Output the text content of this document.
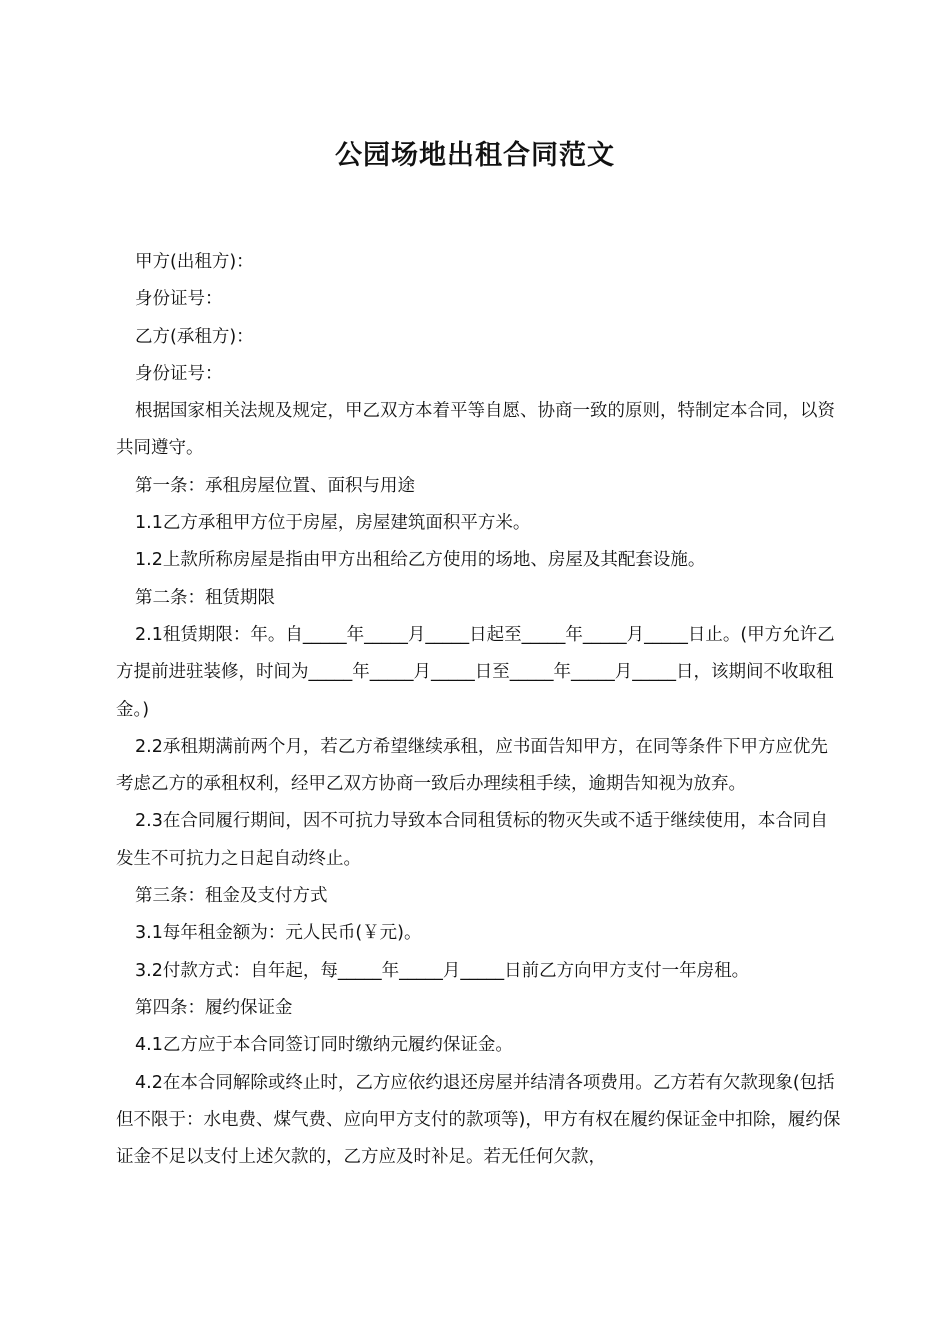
公园场地出租合同范文

甲方(出租方)：

身份证号：

乙方(承租方)：

身份证号：

根据国家相关法规及规定，甲乙双方本着平等自愿、协商一致的原则，特制定本合同，以资共同遵守。

第一条：承租房屋位置、面积与用途

1.1乙方承租甲方位于房屋，房屋建筑面积平方米。

1.2上款所称房屋是指由甲方出租给乙方使用的场地、房屋及其配套设施。

第二条：租赁期限

2.1租赁期限：年。自_____年_____月_____日起至_____年_____月_____日止。(甲方允许乙方提前进驻装修，时间为_____年_____月_____日至_____年_____月_____日，该期间不收取租金。)

2.2承租期满前两个月，若乙方希望继续承租，应书面告知甲方，在同等条件下甲方应优先考虑乙方的承租权利，经甲乙双方协商一致后办理续租手续，逾期告知视为放弃。

2.3在合同履行期间，因不可抗力导致本合同租赁标的物灭失或不适于继续使用，本合同自发生不可抗力之日起自动终止。

第三条：租金及支付方式

3.1每年租金额为：元人民币(￥元)。

3.2付款方式：自年起，每_____年_____月_____日前乙方向甲方支付一年房租。

第四条：履约保证金

4.1乙方应于本合同签订同时缴纳元履约保证金。

4.2在本合同解除或终止时，乙方应依约退还房屋并结清各项费用。乙方若有欠款现象(包括但不限于：水电费、煤气费、应向甲方支付的款项等)，甲方有权在履约保证金中扣除，履约保证金不足以支付上述欠款的，乙方应及时补足。若无任何欠款，
